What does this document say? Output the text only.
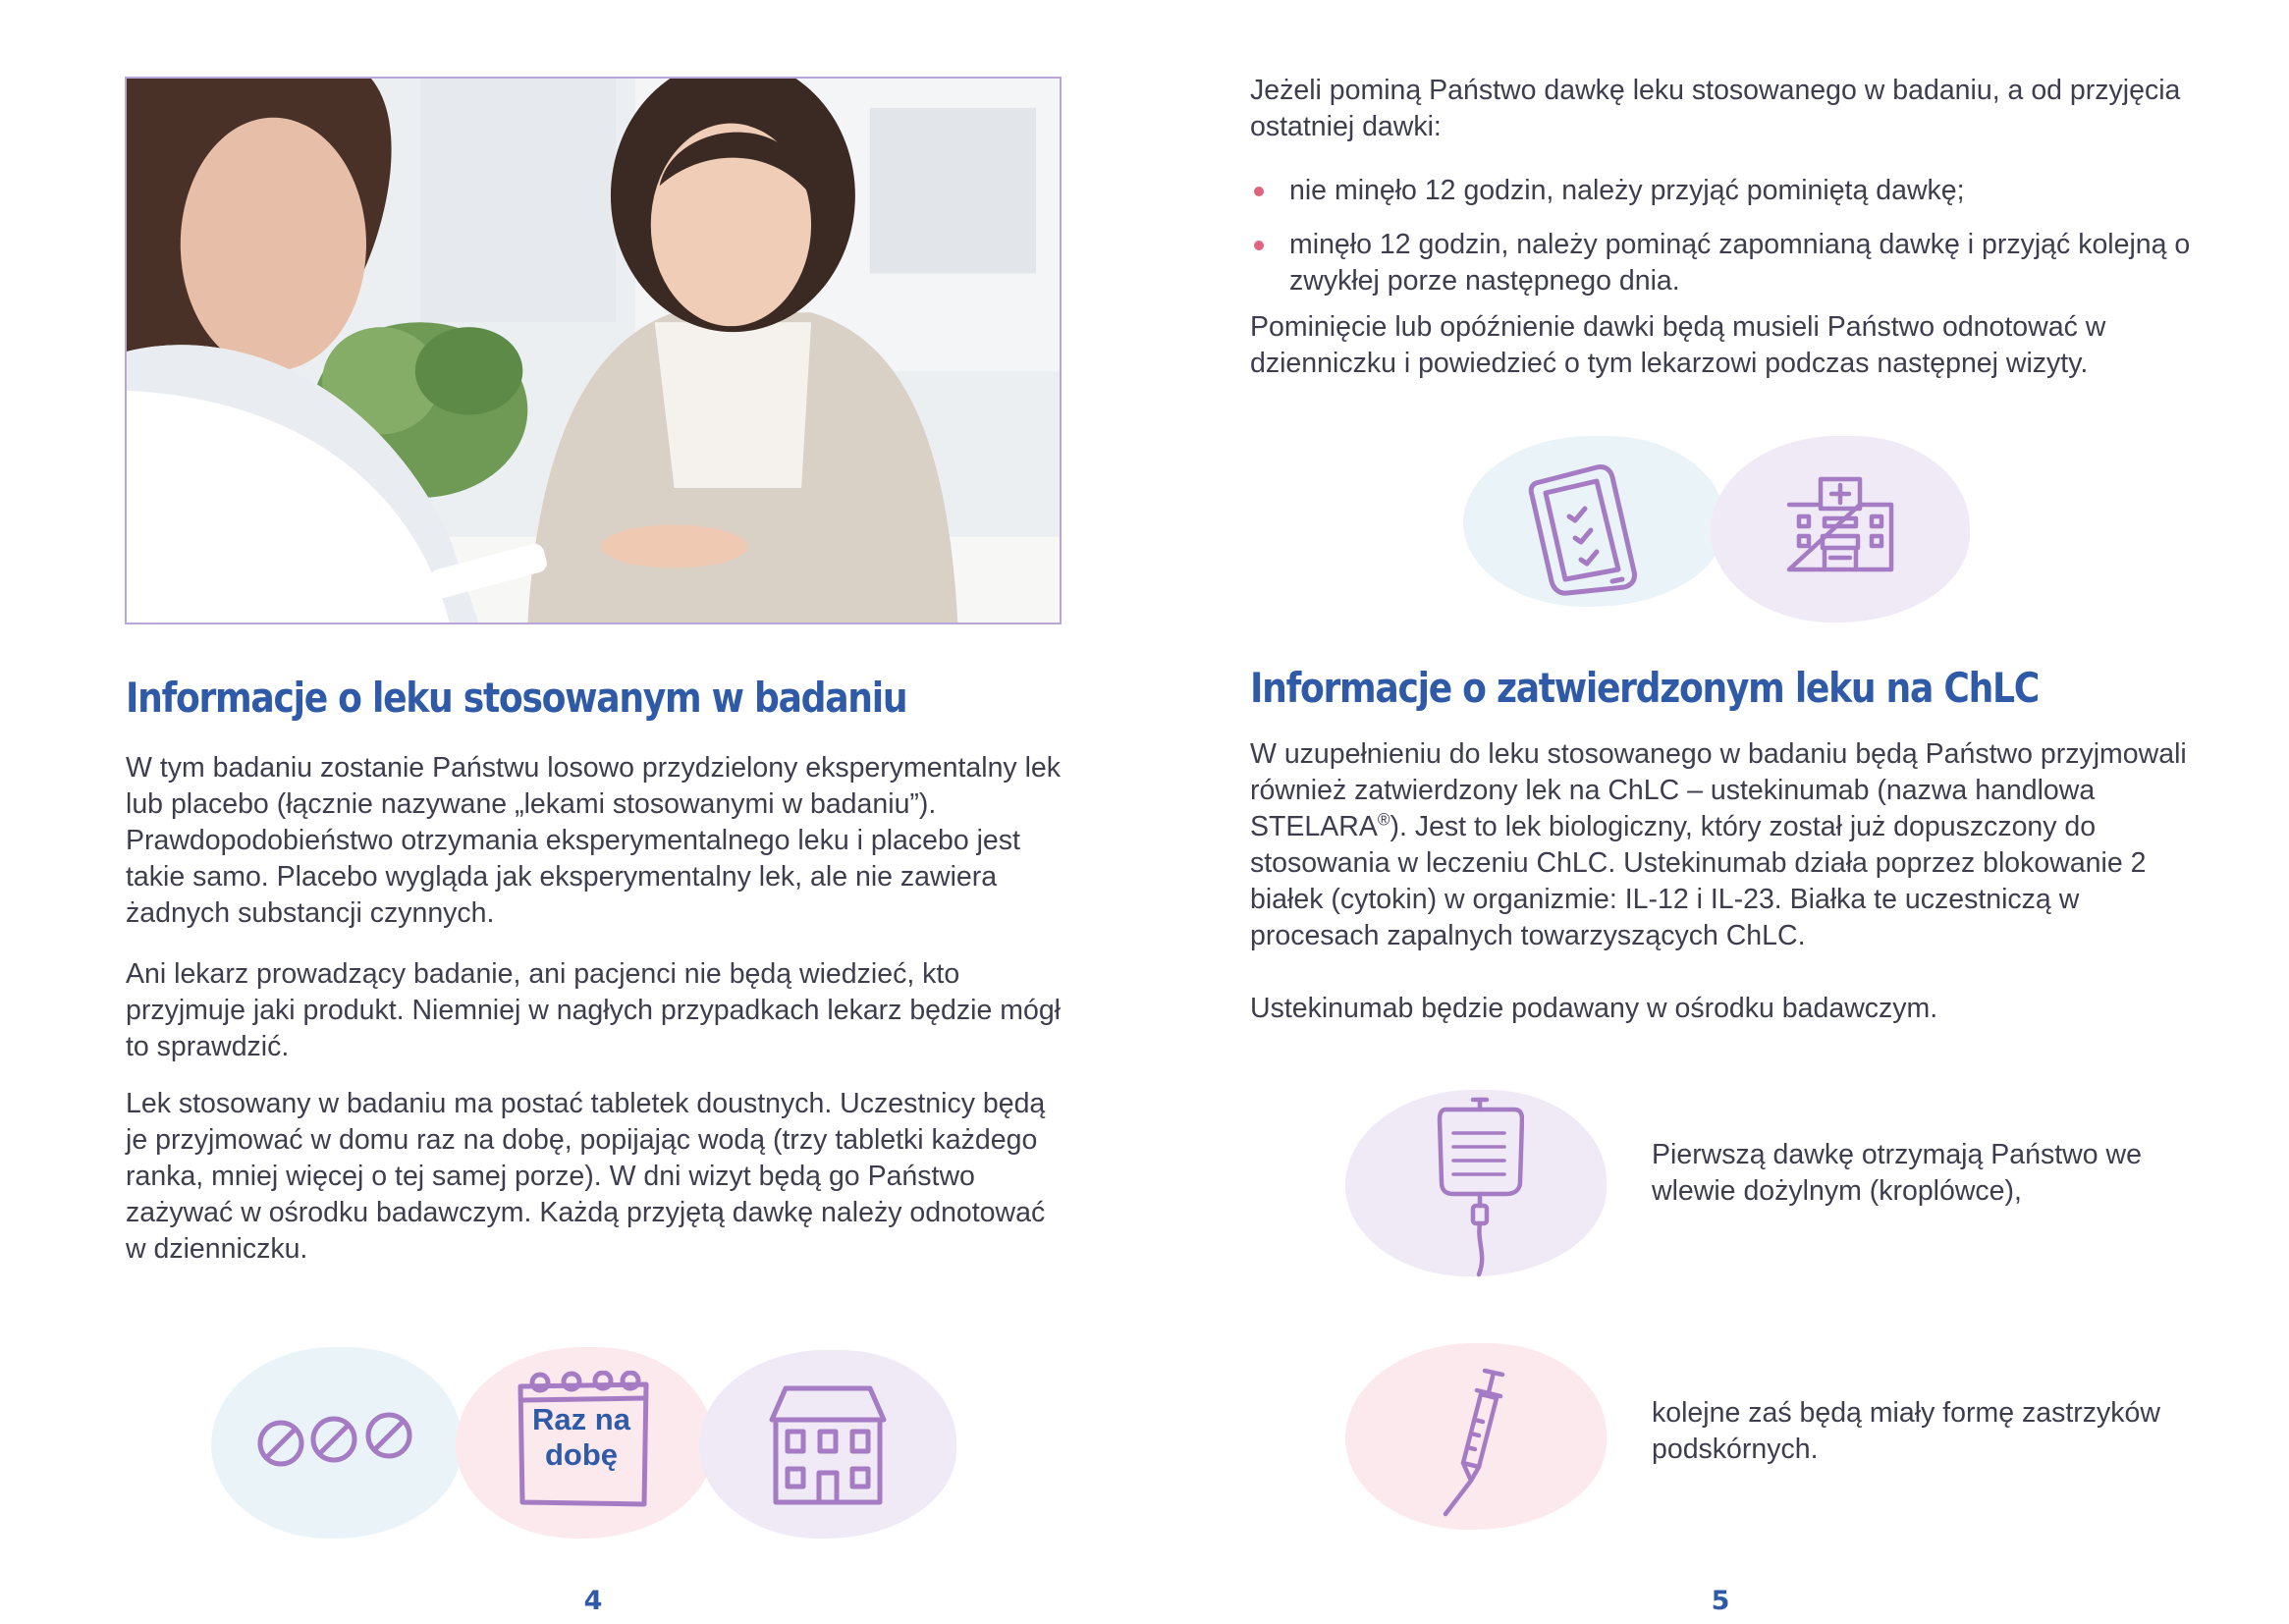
Informacje o leku stosowanym w badaniu

W tym badaniu zostanie Państwu losowo przydzielony eksperymentalny lek lub placebo (łącznie nazywane „lekami stosowanymi w badaniu”). Prawdopodobieństwo otrzymania eksperymentalnego leku i placebo jest takie samo. Placebo wygląda jak eksperymentalny lek, ale nie zawiera żadnych substancji czynnych.

Ani lekarz prowadzący badanie, ani pacjenci nie będą wiedzieć, kto przyjmuje jaki produkt. Niemniej w nagłych przypadkach lekarz będzie mógł to sprawdzić.

Lek stosowany w badaniu ma postać tabletek doustnych. Uczestnicy będą je przyjmować w domu raz na dobę, popijając wodą (trzy tabletki każdego ranka, mniej więcej o tej samej porze). W dni wizyt będą go Państwo zażywać w ośrodku badawczym. Każdą przyjętą dawkę należy odnotować w dzienniczku.

Raz na
dobę
4

Jeżeli pominą Państwo dawkę leku stosowanego w badaniu, a od przyjęcia ostatniej dawki:

nie minęło 12 godzin, należy przyjąć pominiętą dawkę;
minęło 12 godzin, należy pominąć zapomnianą dawkę i przyjąć kolejną o zwykłej porze następnego dnia.

Pominięcie lub opóźnienie dawki będą musieli Państwo odnotować w dzienniczku i powiedzieć o tym lekarzowi podczas następnej wizyty.

Informacje o zatwierdzonym leku na ChLC

W uzupełnieniu do leku stosowanego w badaniu będą Państwo przyjmowali również zatwierdzony lek na ChLC – ustekinumab (nazwa handlowa STELARA®). Jest to lek biologiczny, który został już dopuszczony do stosowania w leczeniu ChLC. Ustekinumab działa poprzez blokowanie 2 białek (cytokin) w organizmie: IL-12 i IL-23. Białka te uczestniczą w procesach zapalnych towarzyszących ChLC.

Ustekinumab będzie podawany w ośrodku badawczym.

Pierwszą dawkę otrzymają Państwo we wlewie dożylnym (kroplówce),

kolejne zaś będą miały formę zastrzyków podskórnych.

5
